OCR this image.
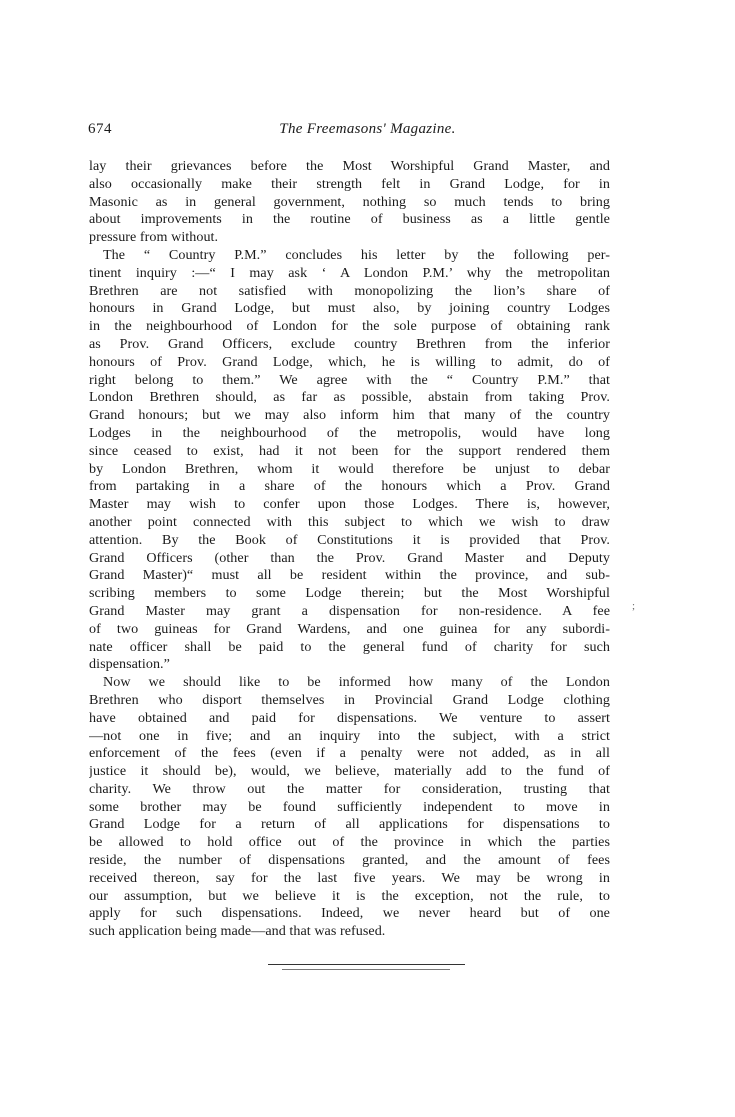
674	The Freemasons' Magazine.
lay their grievances before the Most Worshipful Grand Master, and
also occasionally make their strength felt in Grand Lodge, for in
Masonic as in general government, nothing so much tends to bring
about improvements in the routine of business as a little gentle
pressure from without.
The “ Country P.M.” concludes his letter by the following per-
tinent inquiry :—“ I may ask ‘ A London P.M.’ why the metropolitan
Brethren are not satisfied with monopolizing the lion’s share of
honours in Grand Lodge, but must also, by joining country Lodges
in the neighbourhood of London for the sole purpose of obtaining rank
as Prov. Grand Officers, exclude country Brethren from the inferior
honours of Prov. Grand Lodge, which, he is willing to admit, do of
right belong to them.” We agree with the “ Country P.M.” that
London Brethren should, as far as possible, abstain from taking Prov.
Grand honours; but we may also inform him that many of the country
Lodges in the neighbourhood of the metropolis, would have long
since ceased to exist, had it not been for the support rendered them
by London Brethren, whom it would therefore be unjust to debar
from partaking in a share of the honours which a Prov. Grand
Master may wish to confer upon those Lodges. There is, however,
another point connected with this subject to which we wish to draw
attention. By the Book of Constitutions it is provided that Prov.
Grand Officers (other than the Prov. Grand Master and Deputy
Grand Master)“ must all be resident within the province, and sub-
scribing members to some Lodge therein; but the Most Worshipful
Grand Master may grant a dispensation for non-residence. A fee
of two guineas for Grand Wardens, and one guinea for any subordi-
nate officer shall be paid to the general fund of charity for such
dispensation.”
Now we should like to be informed how many of the London
Brethren who disport themselves in Provincial Grand Lodge clothing
have obtained and paid for dispensations. We venture to assert
—not one in five; and an inquiry into the subject, with a strict
enforcement of the fees (even if a penalty were not added, as in all
justice it should be), would, we believe, materially add to the fund of
charity. We throw out the matter for consideration, trusting that
some brother may be found sufficiently independent to move in
Grand Lodge for a return of all applications for dispensations to
be allowed to hold office out of the province in which the parties
reside, the number of dispensations granted, and the amount of fees
received thereon, say for the last five years. We may be wrong in
our assumption, but we believe it is the exception, not the rule, to
apply for such dispensations. Indeed, we never heard but of one
such application being made—and that was refused.
;
